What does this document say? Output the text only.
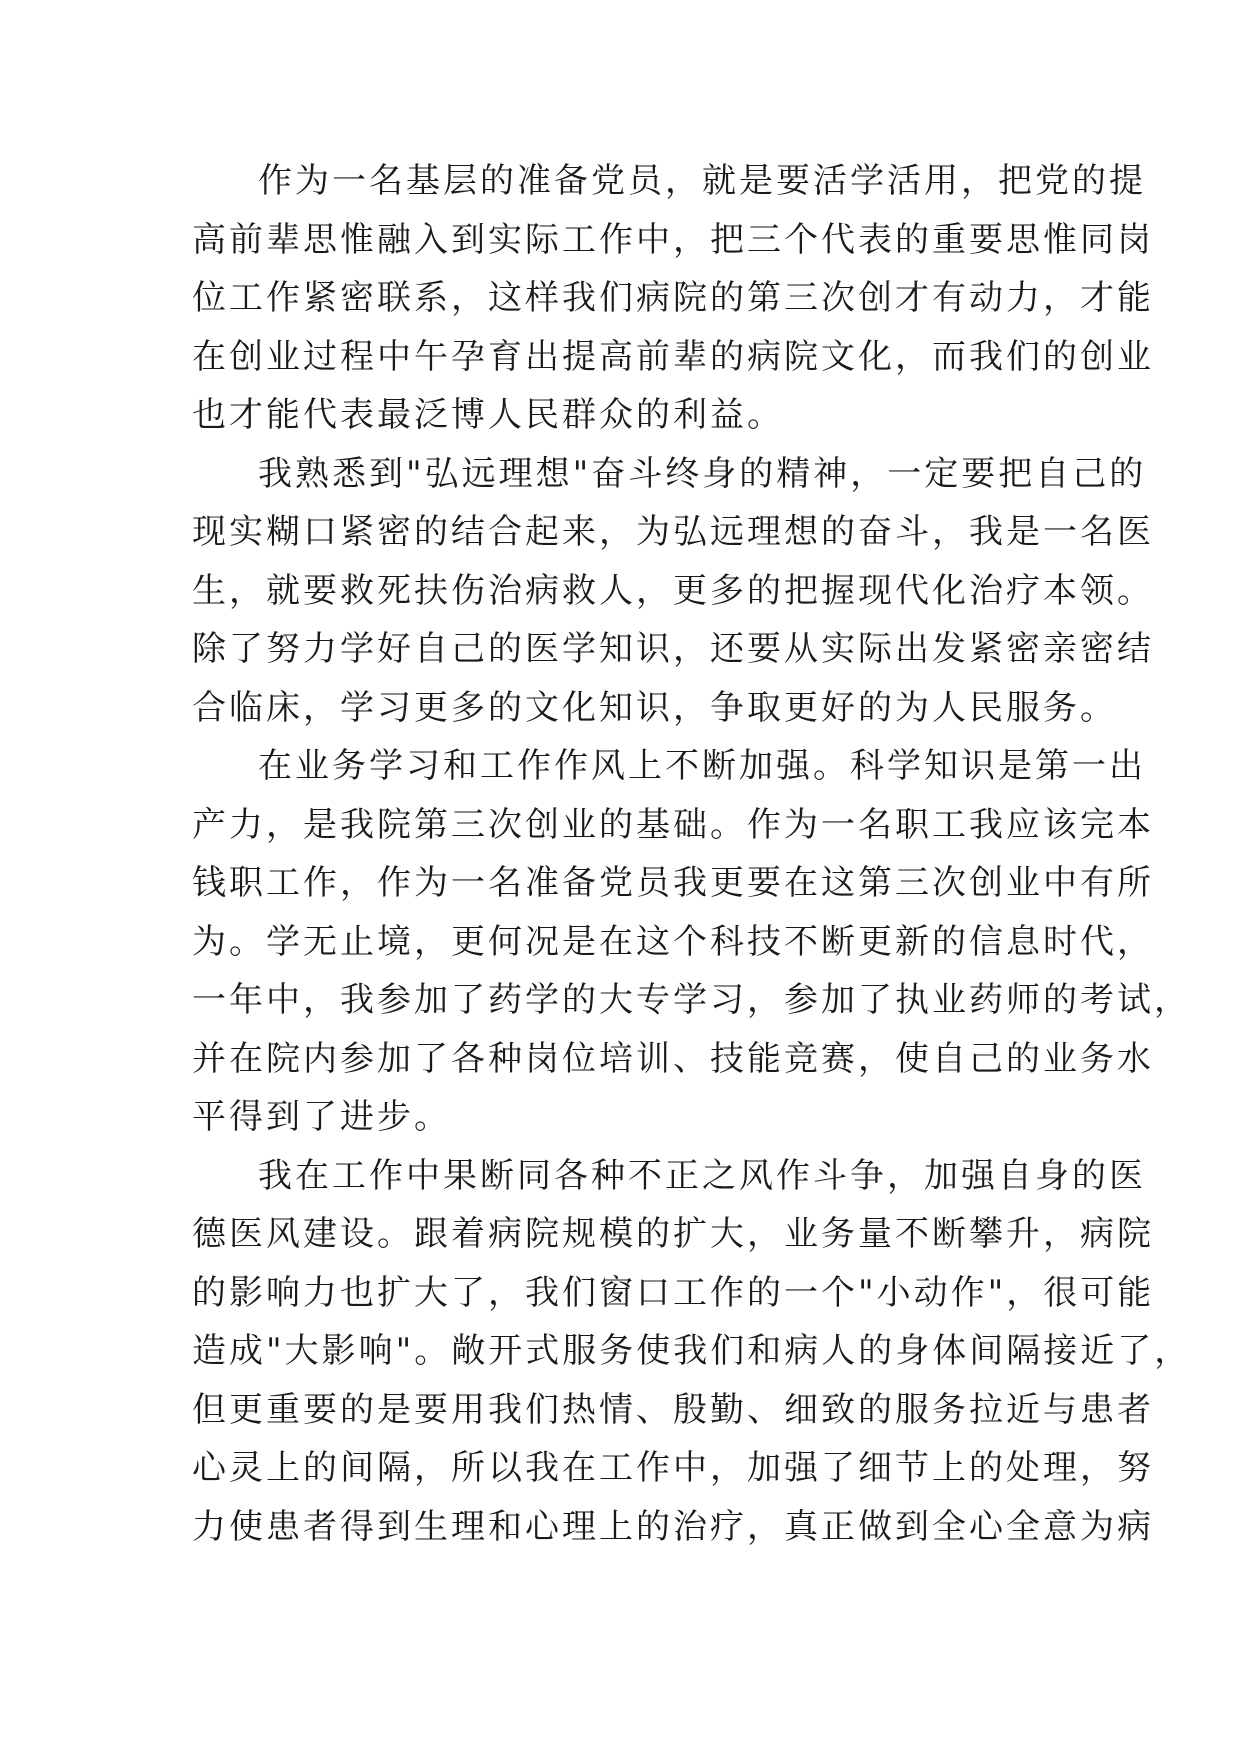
作为一名基层的准备党员，就是要活学活用，把党的提
高前辈思惟融入到实际工作中，把三个代表的重要思惟同岗
位工作紧密联系，这样我们病院的第三次创才有动力，才能
在创业过程中午孕育出提高前辈的病院文化，而我们的创业
也才能代表最泛博人民群众的利益。
我熟悉到"弘远理想"奋斗终身的精神，一定要把自己的
现实糊口紧密的结合起来，为弘远理想的奋斗，我是一名医
生，就要救死扶伤治病救人，更多的把握现代化治疗本领。
除了努力学好自己的医学知识，还要从实际出发紧密亲密结
合临床，学习更多的文化知识，争取更好的为人民服务。
在业务学习和工作作风上不断加强。科学知识是第一出
产力，是我院第三次创业的基础。作为一名职工我应该完本
钱职工作，作为一名准备党员我更要在这第三次创业中有所
为。学无止境，更何况是在这个科技不断更新的信息时代，
一年中，我参加了药学的大专学习，参加了执业药师的考试，
并在院内参加了各种岗位培训、技能竞赛，使自己的业务水
平得到了进步。
我在工作中果断同各种不正之风作斗争，加强自身的医
德医风建设。跟着病院规模的扩大，业务量不断攀升，病院
的影响力也扩大了，我们窗口工作的一个"小动作"，很可能
造成"大影响"。敞开式服务使我们和病人的身体间隔接近了，
但更重要的是要用我们热情、殷勤、细致的服务拉近与患者
心灵上的间隔，所以我在工作中，加强了细节上的处理，努
力使患者得到生理和心理上的治疗，真正做到全心全意为病
